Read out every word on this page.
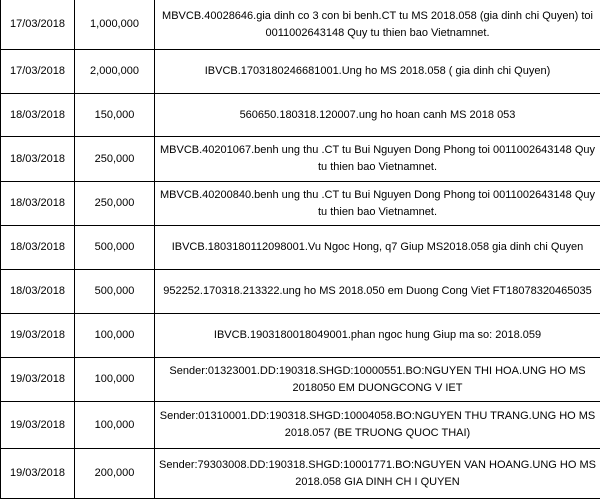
17/03/2018	1,000,000	MBVCB.40028646.gia dinh co 3 con bi benh.CT tu MS 2018.058 (gia dinh chi Quyen) toi 0011002643148 Quy tu thien bao Vietnamnet.
17/03/2018	2,000,000	IBVCB.1703180246681001.Ung ho MS 2018.058 ( gia dinh chi Quyen)
18/03/2018	150,000	560650.180318.120007.ung ho hoan canh MS 2018 053
18/03/2018	250,000	MBVCB.40201067.benh ung thu .CT tu Bui Nguyen Dong Phong toi 0011002643148 Quy tu thien bao Vietnamnet.
18/03/2018	250,000	MBVCB.40200840.benh ung thu .CT tu Bui Nguyen Dong Phong toi 0011002643148 Quy tu thien bao Vietnamnet.
18/03/2018	500,000	IBVCB.1803180112098001.Vu Ngoc Hong, q7 Giup MS2018.058 gia dinh chi Quyen
18/03/2018	500,000	952252.170318.213322.ung ho MS 2018.050 em Duong Cong Viet FT18078320465035
19/03/2018	100,000	IBVCB.1903180018049001.phan ngoc hung Giup ma so: 2018.059
19/03/2018	100,000	Sender:01323001.DD:190318.SHGD:10000551.BO:NGUYEN THI HOA.UNG HO MS 2018050 EM DUONGCONG V IET
19/03/2018	100,000	Sender:01310001.DD:190318.SHGD:10004058.BO:NGUYEN THU TRANG.UNG HO MS 2018.057 (BE TRUONG QUOC THAI)
19/03/2018	200,000	Sender:79303008.DD:190318.SHGD:10001771.BO:NGUYEN VAN HOANG.UNG HO MS 2018.058 GIA DINH CH I QUYEN
